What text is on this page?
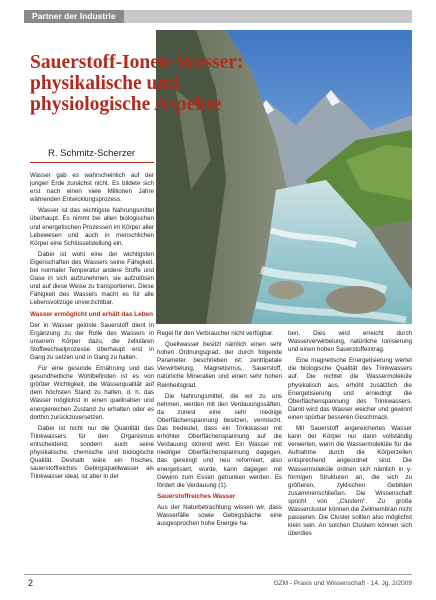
Partner der Industrie
Sauerstoff-Ionen-Wasser: physikalische und physiologische Aspekte
R. Schmitz-Scherzer

Wasser gab es wahrscheinlich auf der jungen Erde zunächst nicht. Es bildete sich erst nach einen viele Millionen Jahre währenden Entwicklungsprozess.

Wasser ist das wichtigste Nahrungsmittel überhaupt. Es nimmt bei allen biologischen und energetischen Prozessen im Körper aller Lebewesen und auch in menschlichen Körper eine Schlüsselstellung ein.

Dabei ist wohl eine der wichtigsten Eigenschaften des Wassers seine Fähigkeit, bei normaler Temperatur andere Stoffe und Gase in sich aufzunehmen, sie aufzulösen und auf diese Weise zu transportieren. Diese Fähigkeit des Wassers macht es für alle Lebensvollzüge unverzichtbar.

Wasser ermöglicht und erhält das Leben

Der in Wasser gelöste Sauerstoff dient in Ergänzung zu der Rolle des Wassers in unserem Körper dazu, die zellulären Stoffwechselprozesse überhaupt erst in Gang zu setzen und in Gang zu halten.

Für eine gesunde Ernährung und das gesundheitliche Wohlbefinden ist es von größter Wichtigkeit, die Wasserqualität auf dem höchsten Stand zu halten, d. h. das Wasser möglichst in einen quellnahen und energiereichen Zustand zu erhalten oder es dorthin zurückzuversetzen.

Dabei ist nicht nur die Quantität des Trinkwassers für den Organismus entscheidend, sondern auch seine physikalische, chemische und biologische Qualität. Deshalb wäre ein frisches, sauerstoffreiches Gebirgsquellwasser als Trinkwasser ideal, ist aber in der

Regel für den Verbraucher nicht verfügbar.

Quellwasser besitzt nämlich einen sehr hohen Ordnungsgrad, der durch folgende Parameter beschrieben ist: zentripetale Verwirbelung, Magnetismus, Sauerstoff, natürliche Mineralien und einen sehr hohen Reinheitsgrad.

Die Nahrungsmittel, die wir zu uns nehmen, werden mit den Verdauungssäften, da zunest eine sehr niedrige Oberflächenspannung besitzen, vermischt. Das bedeutet, dass ein Trinkwasser mit erhöhter Oberflächenspannung auf die Verdauung störend wirkt. Ein Wasser mit niedriger Oberflächenspannung dagegen, das gereinigt und neu reformiert, also energetisiert, wurde, kann dagegen mit Gewinn zum Essen getrunken werden. Es fördert die Verdauung (1).

Sauerstoffreiches Wasser

Aus der Naturbetrachtung wissen wir, dass Wasserfälle sowie Gebirgsbäche eine ausgesprochen hohe Energie ha-

ben. Dies wird erreicht durch Wasserverwirbelung, natürliche Ionisierung und einen hohen Sauerstoffeintrag.

Eine magnetische Energetisierung wertet die biologische Qualität des Trinkwassers auf. Die nichtet die Wassermoleküle physikalisch aus, erhöht zusätzlich die Energetisierung und erniedrigt die Oberflächenspannung des Trinkwassers. Damit wird das Wasser weicher und gewinnt einen spürbar besseren Geschmack.

Mit Sauerstoff angereichertes Wasser kann der Körper nur dann vollständig verwerten, wenn die Wassermoleküle für die Aufnahme durch die Körperzellen entsprechend angeordnet sind. Die Wassermoleküle ordnen sich nämlich in y-förmigen Strukturen an, die sich zu größeren, zyklischen Gebilden zusammenschließen. Die Wissenschaft spricht von „Clustern“. Zu große Wassercluster können die Zellmembran nicht passieren. Die Cluster sollten also möglichst klein sein. An solchen Clustern können sich überdies

2	GZM - Praxis und Wissenschaft · 14. Jg. 2/2009
